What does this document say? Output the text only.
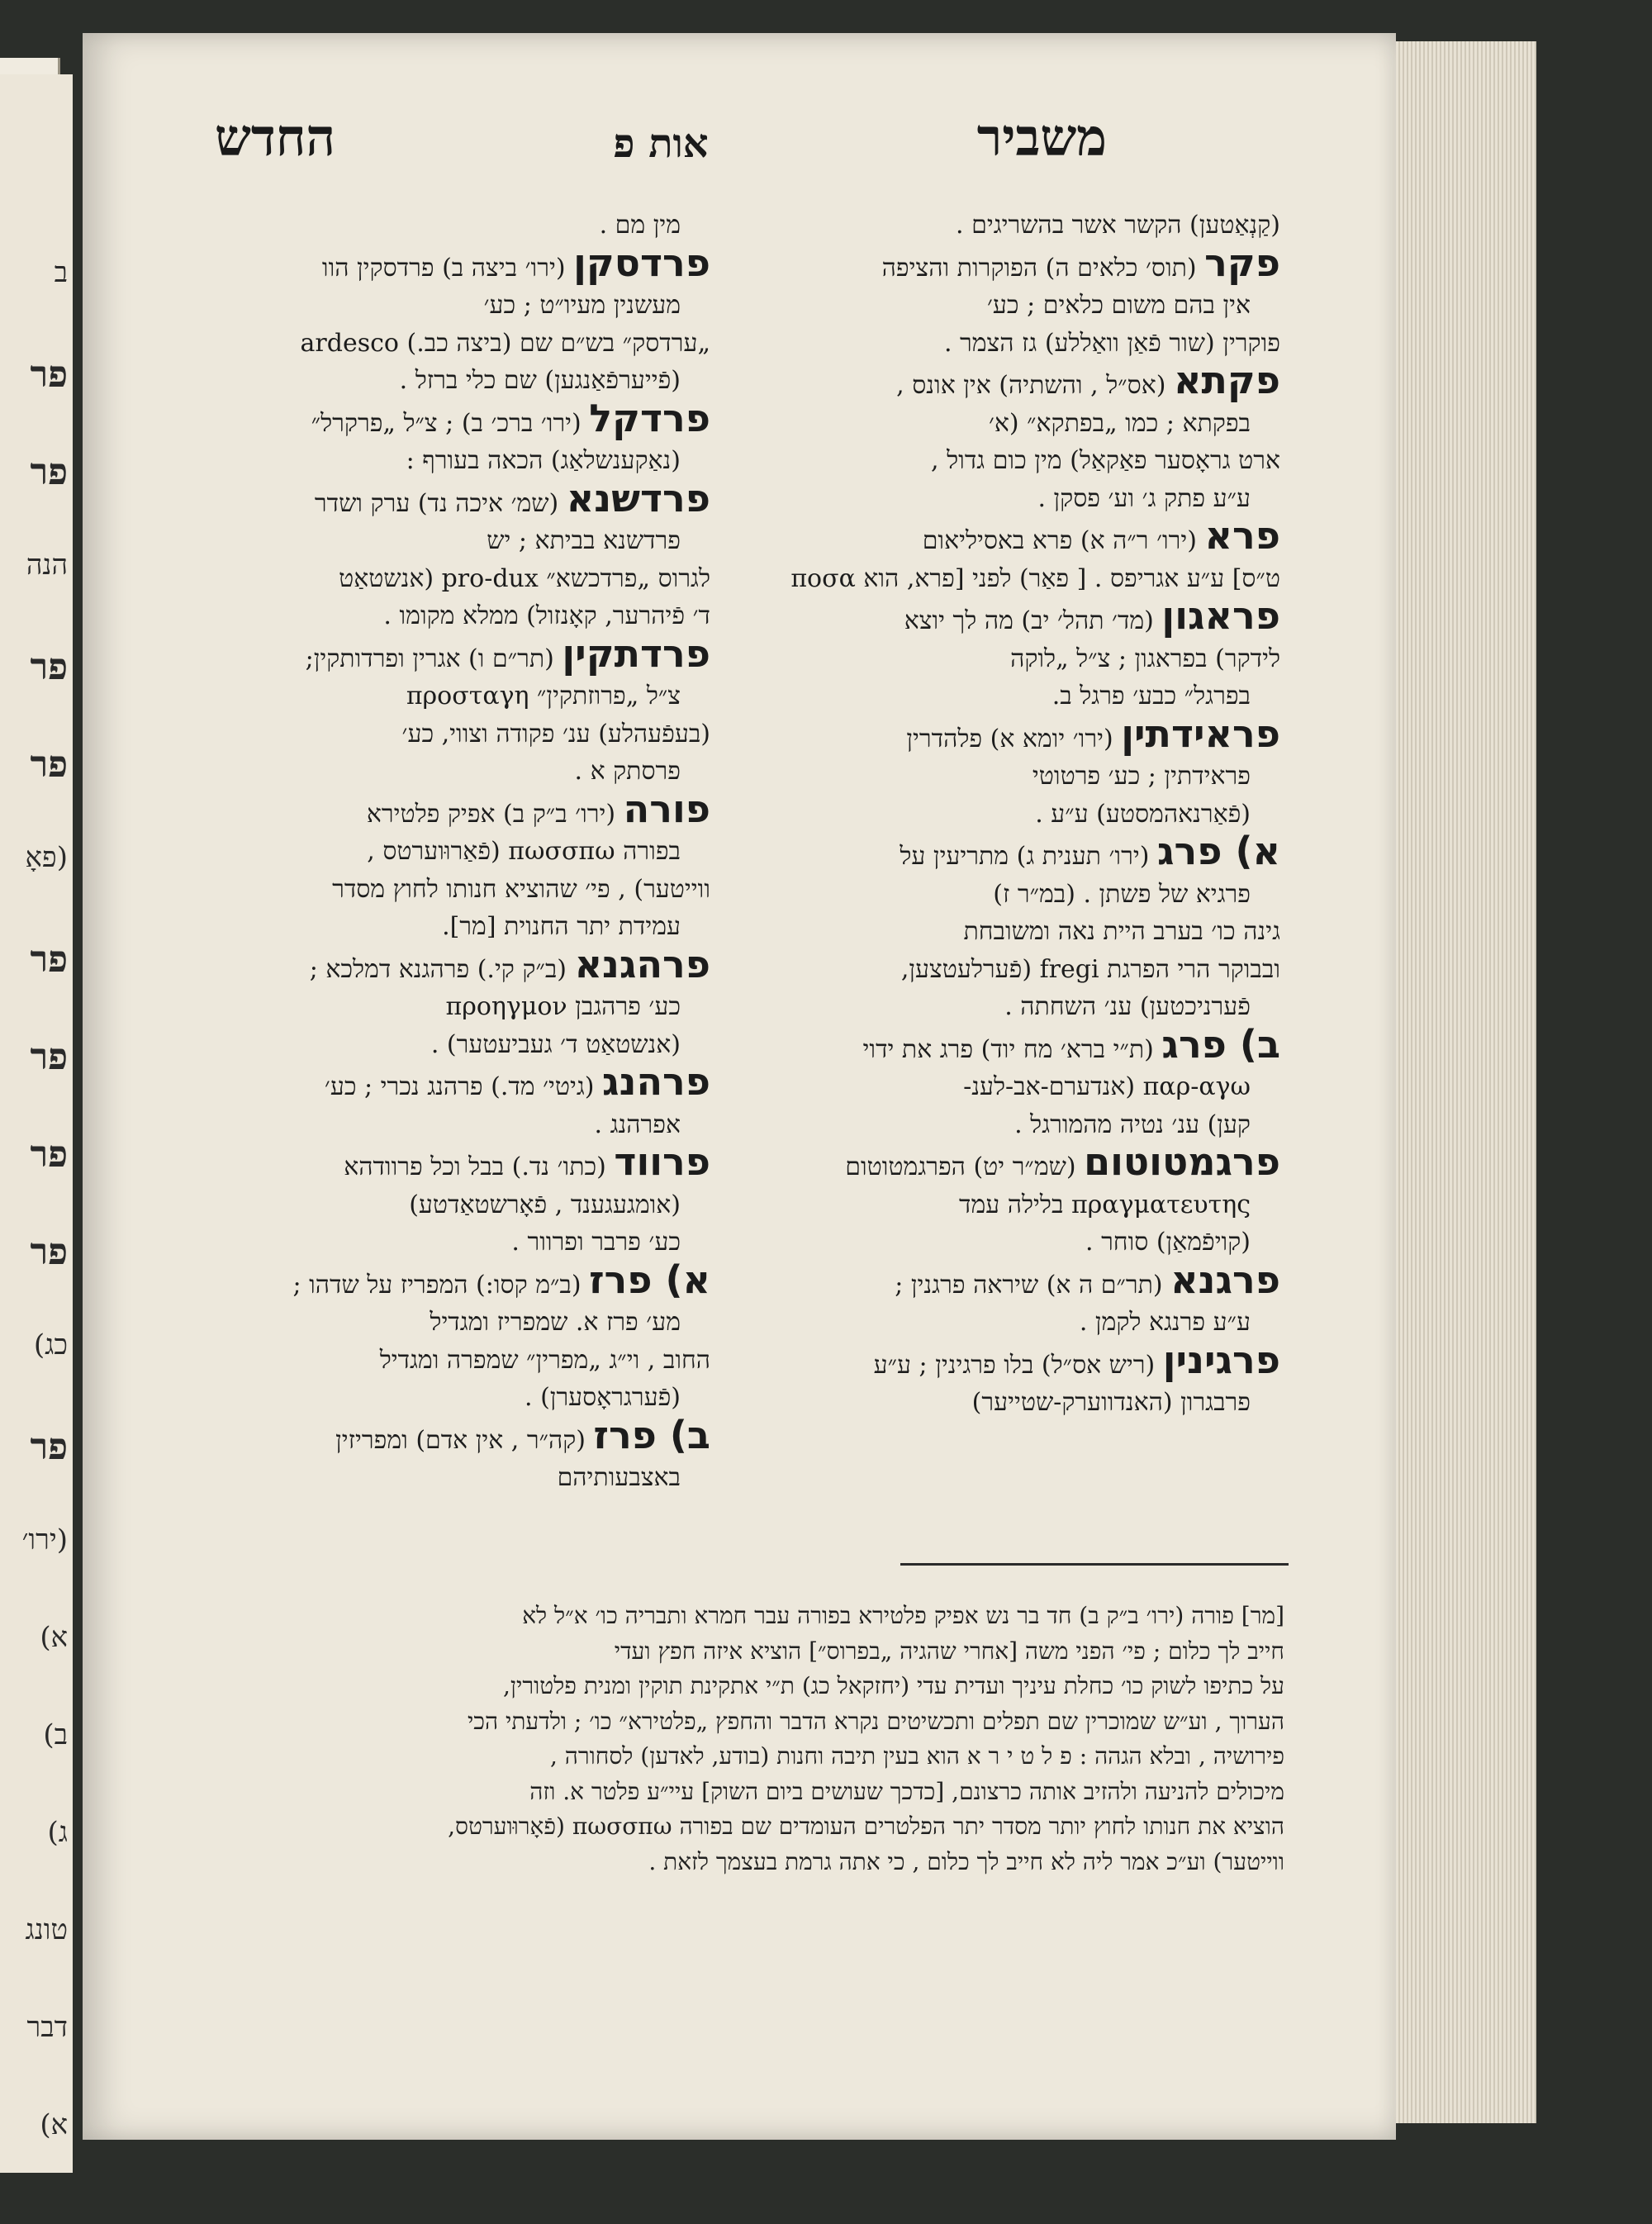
ב
פר
פר
הנה
פר
פר
(פאָ
פר
פר
פר
פר
כג)
פר
(ירו׳
א)
ב)
ג)
טונג
דבר
א)
משביר
אות פ
החדש
(קַנְאַטען) הקשר אשר בהשריגים .
פקר (תוס׳ כלאים ה) הפוקרות והציפה
אין בהם משום כלאים ; כע׳
פוקרין (שור פֿאַן וואַללע) גז הצמר .
פקתא (אס״ל , והשתיה) אין אונס ,
בפקתא ; כמו „בפתקא״ (א׳
ארט גראָסער פאַקאַל) מין כום גדול ,
ע״ע פתק ג׳ וע׳ פסקן .
פרא (ירו׳ ר״ה א) פרא באסיליאום
ט״ס] ע״ע אגריפס . [ פאַר) לפני [פרא, הוא ποσα
פראגון (מד׳ תהל׳ יב) מה לך יוצא
לידקר) בפראגון ; צ״ל „לוקה
בפרגל״ כבע׳ פרגל ב.
פראידתין (ירו׳ יומא א) פלהדרין
פראידתין ; כע׳ פרטוטי
(פֿאַרנאהמסטע) ע״ע .
א) פרג (ירו׳ תענית ג) מתריעין על
פרגיא של פשתן . (במ״ר ז)
גינה כו׳ בערב היית נאה ומשובחת
ובבוקר הרי הפרגת fregi (פֿערלעטצען,
פֿערניכטען) ענ׳ השחתה .
ב) פרג (ת״י ברא׳ מח יוד) פרג את ידוי
παρ-αγω (אנדערם-אב-לענ-
קען) ענ׳ נטיה מהמורגל .
פרגמטוטום (שמ״ר יט) הפרגמטוטום
πραγματευτης בלילה עמד
(קויפֿמאַן) סוחר .
פרגנא (תר״ם ה א) שיראה פרגנין ;
ע״ע פרנגא לקמן .
פרגינין (ריש אס״ל) בלו פרגינין ; ע״ע
פרבגרון (האנדווערק-שטייער)
מין מם .
פרדסקן (ירו׳ ביצה ב) פרדסקין הוו
מעשנין מעיו״ט ; כע׳
„ערדסק״ בש״ם שם (ביצה כב.) ardesco
(פֿייערפֿאַנגען) שם כלי ברזל .
פרדקל (ירו׳ ברכ׳ ב) ; צ״ל „פרקרל״
(נאַקענשלאַג) הכאה בעורף :
פרדשנא (שמ׳ איכה נד) ערק ושדר
פרדשנא בביתא ; יש
לגרוס „פרדכשא״ pro-dux (אנשטאַט
ד׳ פֿיהרער, קאָנזול) ממלא מקומו .
פרדתקין (תר״ם ו) אגרין ופרדותקין;
צ״ל „פרוזתקין״ προσταγη
(בעפֿעהלע) ענ׳ פקודה וצווי, כע׳
פרסתק א .
פורה (ירו׳ ב״ק ב) אפיק פלטירא
בפורה πωσσπω (פֿאַרוּוערטס ,
ווייטער) , פי׳ שהוציא חנותו לחוץ מסדר
עמידת יתר החנוית [מר].
פרהגנא (ב״ק קי.) פרהגנא דמלכא ;
כע׳ פרהגבן προηγμον
(אנשטאַט ד׳ געביעטער) .
פרהנג (גיטי׳ מד.) פרהנג נכרי ; כע׳
אפרהנג .
פרווד (כתו׳ נד.) בבל וכל פרוודהא
(אומגעגענד , פֿאָרשטאַדטע)
כע׳ פרבר ופרוור .
א) פרז (ב״מ קסו:) המפריז על שדהו ;
מע׳ פרז א. שמפריז ומגדיל
החוב , וי״ג „מפרין״ שמפרה ומגדיל
(פֿערגראָסערן) .
ב) פרז (קה״ר , אין אדם) ומפריזין
באצבעותיהם
[מר] פורה (ירו׳ ב״ק ב) חד בר נש אפיק פלטירא בפורה עבר חמרא ותבריה כו׳ א״ל לא
חייב לך כלום ; פי׳ הפני משה [אחרי שהגיה „בפרוס״] הוציא איזה חפץ ועדי
על כתיפו לשוק כו׳ כחלת עיניך ועדית עדי (יחזקאל כג) ת״י אתקינת תוקין ומנית פלטורין,
הערוך , וע״ש שמוכרין שם תפלים ותכשיטים נקרא הדבר והחפץ „פלטירא״ כו׳ ; ולדעתי הכי
פירושיה , ובלא הגהה : פ ל ט י ר א הוא בעין תיבה וחנות (בודע, לאדען) לסחורה ,
מיכולים להניעה ולהזיב אותה כרצונם, [כדכך שעושים ביום השוק] עיי״ע פלטר א. וזה
הוציא את חנותו לחוץ יותר מסדר יתר הפלטרים העומדים שם בפורה πωσσπω (פֿאָרוּוערטס,
ווייטער) וע״כ אמר ליה לא חייב לך כלום , כי אתה גרמת בעצמך לזאת .
